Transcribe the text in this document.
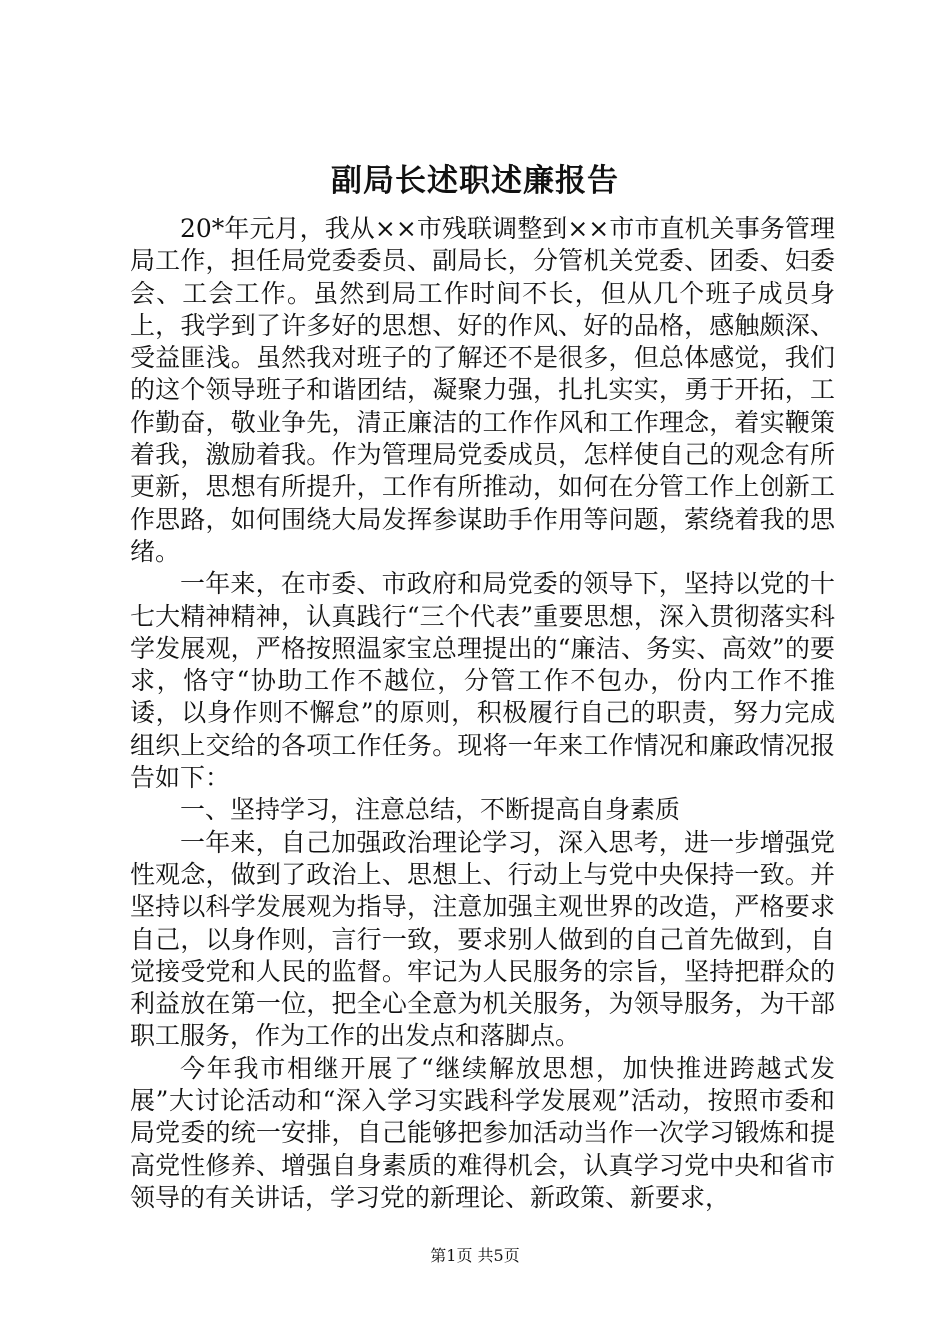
副局长述职述廉报告

20*年元月，我从××市残联调整到××市市直机关事务管理局工作，担任局党委委员、副局长，分管机关党委、团委、妇委会、工会工作。虽然到局工作时间不长，但从几个班子成员身上，我学到了许多好的思想、好的作风、好的品格，感触颇深、受益匪浅。虽然我对班子的了解还不是很多，但总体感觉，我们的这个领导班子和谐团结，凝聚力强，扎扎实实，勇于开拓，工作勤奋，敬业争先，清正廉洁的工作作风和工作理念，着实鞭策着我，激励着我。作为管理局党委成员，怎样使自己的观念有所更新，思想有所提升，工作有所推动，如何在分管工作上创新工作思路，如何围绕大局发挥参谋助手作用等问题，萦绕着我的思绪。

一年来，在市委、市政府和局党委的领导下，坚持以党的十七大精神精神，认真践行“三个代表”重要思想，深入贯彻落实科学发展观，严格按照温家宝总理提出的“廉洁、务实、高效”的要求，恪守“协助工作不越位，分管工作不包办，份内工作不推诿，以身作则不懈怠”的原则，积极履行自己的职责，努力完成组织上交给的各项工作任务。现将一年来工作情况和廉政情况报告如下：

一、坚持学习，注意总结，不断提高自身素质

一年来，自己加强政治理论学习，深入思考，进一步增强党性观念，做到了政治上、思想上、行动上与党中央保持一致。并坚持以科学发展观为指导，注意加强主观世界的改造，严格要求自己，以身作则，言行一致，要求别人做到的自己首先做到，自觉接受党和人民的监督。牢记为人民服务的宗旨，坚持把群众的利益放在第一位，把全心全意为机关服务，为领导服务，为干部职工服务，作为工作的出发点和落脚点。

今年我市相继开展了“继续解放思想，加快推进跨越式发展”大讨论活动和“深入学习实践科学发展观”活动，按照市委和局党委的统一安排，自己能够把参加活动当作一次学习锻炼和提高党性修养、增强自身素质的难得机会，认真学习党中央和省市领导的有关讲话，学习党的新理论、新政策、新要求，

第1页 共5页
